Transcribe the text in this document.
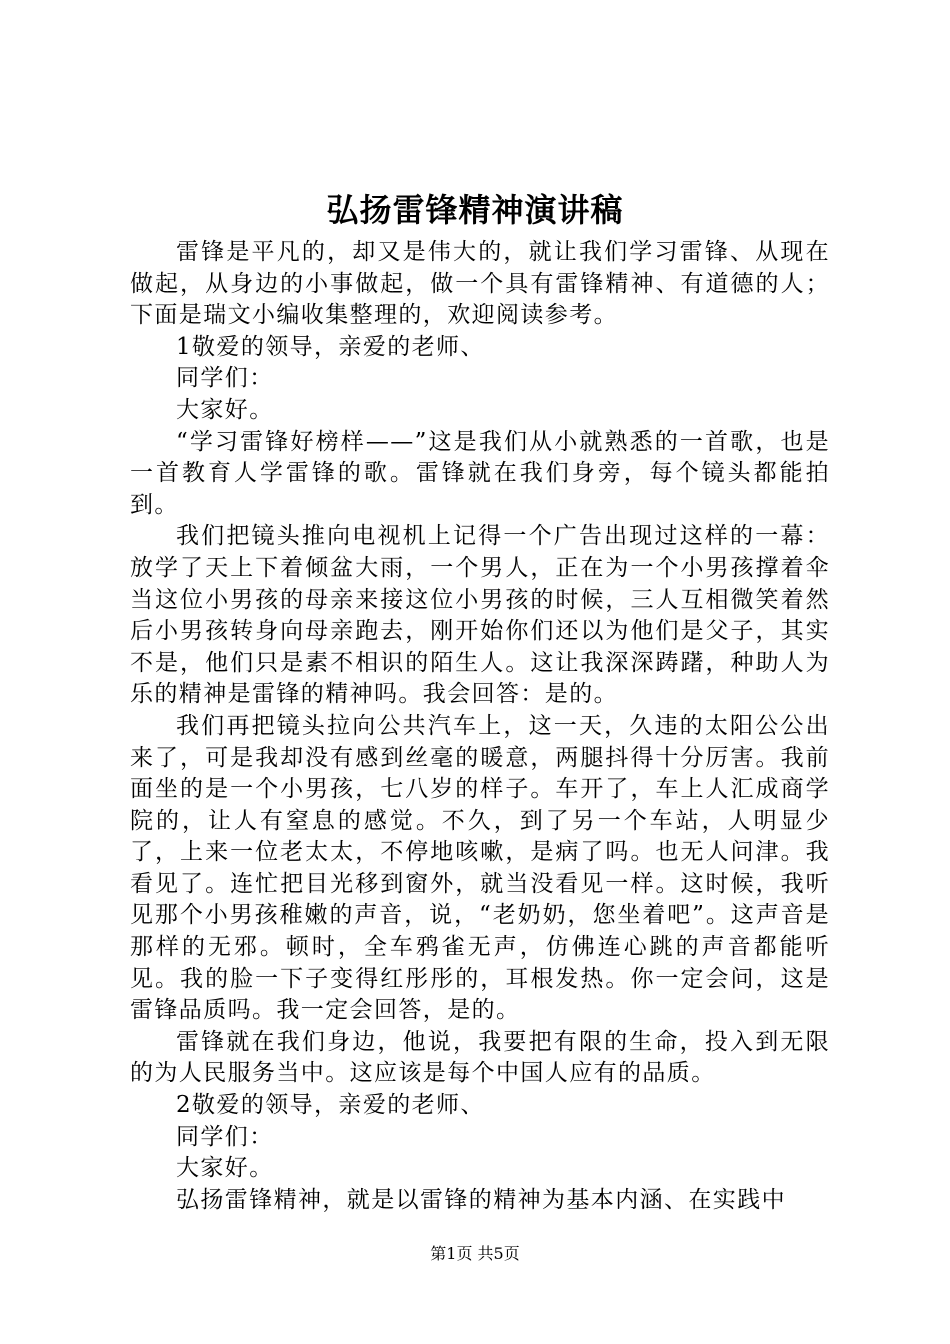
弘扬雷锋精神演讲稿

雷锋是平凡的，却又是伟大的，就让我们学习雷锋、从现在做起，从身边的小事做起，做一个具有雷锋精神、有道德的人；下面是瑞文小编收集整理的，欢迎阅读参考。

1敬爱的领导，亲爱的老师、

同学们：

大家好。

“学习雷锋好榜样——”这是我们从小就熟悉的一首歌，也是一首教育人学雷锋的歌。雷锋就在我们身旁，每个镜头都能拍到。

我们把镜头推向电视机上记得一个广告出现过这样的一幕：放学了天上下着倾盆大雨，一个男人，正在为一个小男孩撑着伞当这位小男孩的母亲来接这位小男孩的时候，三人互相微笑着然后小男孩转身向母亲跑去，刚开始你们还以为他们是父子，其实不是，他们只是素不相识的陌生人。这让我深深踌躇，种助人为乐的精神是雷锋的精神吗。我会回答：是的。

我们再把镜头拉向公共汽车上，这一天，久违的太阳公公出来了，可是我却没有感到丝毫的暖意，两腿抖得十分厉害。我前面坐的是一个小男孩，七八岁的样子。车开了，车上人汇成商学院的，让人有窒息的感觉。不久，到了另一个车站，人明显少了，上来一位老太太，不停地咳嗽，是病了吗。也无人问津。我看见了。连忙把目光移到窗外，就当没看见一样。这时候，我听见那个小男孩稚嫩的声音，说，“老奶奶，您坐着吧”。这声音是那样的无邪。顿时，全车鸦雀无声，仿佛连心跳的声音都能听见。我的脸一下子变得红彤彤的，耳根发热。你一定会问，这是雷锋品质吗。我一定会回答，是的。

雷锋就在我们身边，他说，我要把有限的生命，投入到无限的为人民服务当中。这应该是每个中国人应有的品质。

2敬爱的领导，亲爱的老师、

同学们：

大家好。

弘扬雷锋精神，就是以雷锋的精神为基本内涵、在实践中

第1页 共5页
